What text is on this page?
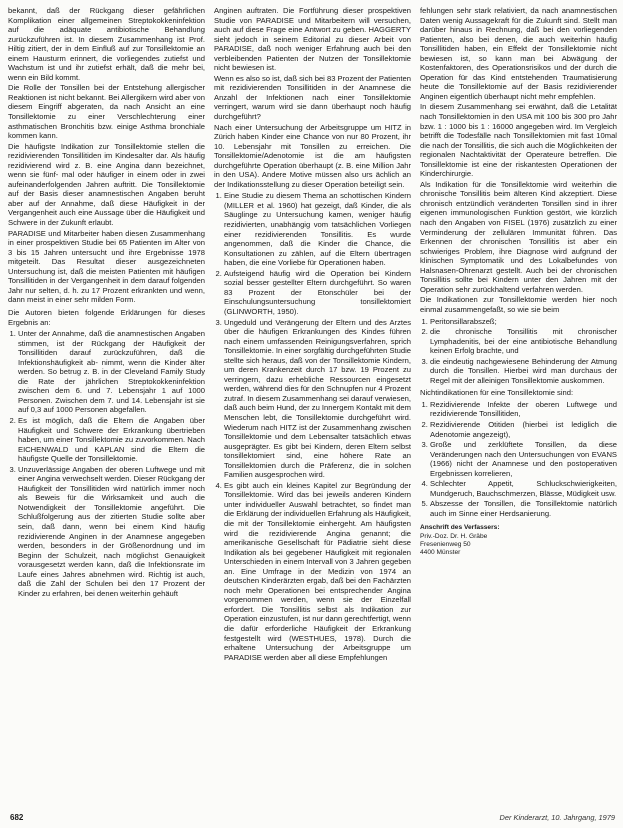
bekannt, daß der Rückgang dieser gefährlichen Komplikation einer allgemeinen Streptokokkeninfektion auf die adäquate antibiotische Behandlung zurückzuführen ist. In diesem Zusammenhang ist Prof. Hiltig zitiert, der in dem Einfluß auf zur Tonsillektomie an einem Hausturm erinnert, die vorliegendes zutiefst und Wachstum ist und ihr zutiefst erhält, daß die mehr bei, wenn ein Bild kommt.

Die Rolle der Tonsillen bei der Entstehung allergischer Reaktionen ist nicht bekannt. Bei Allergikern wird aber von diesem Eingriff abgeraten, da nach Ansicht an eine Tonsillektomie zu einer Verschlechterung einer asthmatischen Bronchitis bzw. einige Asthma bronchiale kommen kann.

Die häufigste Indikation zur Tonsillektomie stellen die rezidivierenden Tonsillitiden im Kindesalter dar. Als häufig rezidivierend wird z. B. eine Angina dann bezeichnet, wenn sie fünf- mal oder häufiger in einem oder in zwei aufeinanderfolgenden Jahren auftritt. Die Tonsillektomie auf der Basis dieser anamnestischen Angaben beruht aber auf der Annahme, daß diese Häufigkeit in der Vergangenheit auch eine Aussage über die Häufigkeit und Schwere in der Zukunft erlaubt.

PARADISE und Mitarbeiter haben diesen Zusammenhang in einer prospektiven Studie bei 65 Patienten im Alter von 3 bis 15 Jahren untersucht und ihre Ergebnisse 1978 mitgeteilt. Das Resultat dieser ausgezeichneten Untersuchung ist, daß die meisten Patienten mit häufigen Tonsillitiden in der Vergangenheit in dem darauf folgenden Jahr nur selten, d. h. zu 17 Prozent erkrankten und wenn, dann meist in einer sehr milden Form.

Die Autoren bieten folgende Erklärungen für dieses Ergebnis an:

1. Unter der Annahme, daß die anamnestischen Angaben stimmen, ist der Rückgang der Häufigkeit der Tonsillitiden darauf zurückzuführen, daß die Infektionshäufigkeit ab- nimmt, wenn die Kinder älter werden. So betrug z. B. in der Cleveland Family Study die Rate der jährlichen Streptokokkeninfektion zwischen dem 6. und 7. Lebensjahr 1 auf 1000 Personen. Zwischen dem 7. und 14. Lebensjahr ist sie auf 0,3 auf 1000 Personen abgefallen.
2. Es ist möglich, daß die Eltern die Angaben über Häufigkeit und Schwere der Erkrankung übertrieben haben, um einer Tonsillektomie zu zuvorkommen. Nach EICHENWALD und KAPLAN sind die Eltern die häufigste Quelle der Tonsillektomie.
3. Unzuverlässige Angaben der oberen Luftwege und mit einer Angina verwechselt werden. Dieser Rückgang der Häufigkeit der Tonsillitiden wird natürlich immer noch als Beweis für die Wirksamkeit und auch die Notwendigkeit der Tonsillektomie angeführt. Die Schlußfolgerung aus der zitierten Studie sollte aber sein, daß dann, wenn bei einem Kind häufig rezidivierende Anginen in der Anamnese angegeben werden, besonders in der Größenordnung und im Beginn der Schulzeit, nach möglichst Genauigkeit vorausgesetzt werden kann, daß die Infektionsrate im Laufe eines Jahres abnehmen wird. Richtig ist auch, daß die Zahl der Schulen bei den 17 Prozent der Kinder zu erfahren, bei denen weiterhin gehäuft

Anginen auftraten. Die Fortführung dieser prospektiven Studie von PARADISE und Mitarbeitern will versuchen, auch auf diese Frage eine Antwort zu geben. HAGGERTY sieht jedoch in seinem Editorial zu dieser Arbeit von PARADISE, daß noch weniger Erfahrung auch bei den verbleibenden Patienten der Nutzen der Tonsillektomie nicht bewiesen ist.

Wenn es also so ist, daß sich bei 83 Prozent der Patienten mit rezidivierenden Tonsillitiden in der Anamnese die Anzahl der Infektionen nach einer Tonsillektomie verringert, warum wird sie dann überhaupt noch häufig durchgeführt?

Nach einer Untersuchung der Arbeitsgruppe um HITZ in Zürich haben Kinder eine Chance von nur 80 Prozent, ihr 10. Lebensjahr mit Tonsillen zu erreichen. Die Tonsillektomie/Adenotomie ist die am häufigsten durchgeführte Operation überhaupt (z. B. eine Million Jahr in den USA). Andere Motive müssen also urs ächlich an der Indikationsstellung zu dieser Operation beteiligt sein.

1. Eine Studie zu diesem Thema an schottischen Kindern (MILLER et al. 1960) hat gezeigt, daß Kinder, die als Säuglinge zu Untersuchung kamen, weniger häufig rezidivierten, unabhängig vom tatsächlichen Vorliegen einer rezidivierenden Tonsillitis. Es wurde angenommen, daß die Kinder die Chance, die Konsultationen zu zählen, auf die Eltern übertragen haben, die eine Vorliebe für Operationen haben.
2. Aufsteigend häufig wird die Operation bei Kindern sozial besser gestellter Eltern durchgeführt. So waren 83 Prozent der Etonschüler bei der Einschulungsuntersuchung tonsillektomiert (GLINWORTH, 1950).
3. Ungeduld und Verängerung der Eltern und des Arztes über die häufigen Erkrankungen des Kindes führen nach einem umfassenden Reinigungsverfahren, sprich Tonsillektomie. In einer sorgfältig durchgeführten Studie stellte sich heraus, daß von der Tonsillektomie Kindern, um deren Krankenzeit durch 17 bzw. 19 Prozent zu verringern, dazu erhebliche Ressourcen eingesetzt werden, während dies für den Schnupfen nur 4 Prozent zutraf. In diesem Zusammenhang sei darauf verwiesen, daß auch beim Hund, der zu Innergem Kontakt mit dem Menschen lebt, die Tonsillektomie durchgeführt wird. Wiederum nach HITZ ist der Zusammenhang zwischen Tonsillektomie und dem Lebensalter tatsächlich etwas ausgeprägter. Es gibt bei Kindern, deren Eltern selbst tonsillektomiert sind, eine höhere Rate an Tonsillektomien durch die Präferenz, die in solchen Familien ausgesprochen wird.
4. Es gibt auch ein kleines Kapitel zur Begründung der Tonsillektomie. Wird das bei jeweils anderen Kindern unter individueller Auswahl betrachtet, so findet man die Erklärung der individuellen Erfahrung als Häufigkeit, die mit der Tonsillektomie einhergeht. Am häufigsten wird die rezidivierende Angina genannt; die amerikanische Gesellschaft für Pädiatrie sieht diese Indikation als bei gegebener Häufigkeit mit regionalen Unterschieden in einem Intervall von 3 Jahren gegeben an. Eine Umfrage in der Medizin von 1974 an deutschen Kinderärzten ergab, daß bei den Fachärzten noch mehr Operationen bei entsprechender Angina vorgenommen werden, wenn sie der Einzelfall erfordert. Die Tonsillitis selbst als Indikation zur Operation einzustufen, ist nur dann gerechtfertigt, wenn die dafür erforderliche Häufigkeit der Erkrankung festgestellt wird (WESTHUES, 1978). Durch die erhaltene Untersuchung der Arbeitsgruppe um PARADISE werden aber all diese Empfehlungen

fehlungen sehr stark relativiert, da nach anamnestischen Daten wenig Aussagekraft für die Zukunft sind. Stellt man darüber hinaus in Rechnung, daß bei den vorliegenden Patienten, also bei denen, die auch weiterhin häufig Tonsillitiden haben, ein Effekt der Tonsillektomie nicht bewiesen ist, so kann man bei Abwägung der Kostenfaktoren, des Operationsrisikos und der durch die Operation für das Kind entstehenden Traumatisierung heute die Tonsillektomie auf der Basis rezidivierender Anginen eigentlich überhaupt nicht mehr empfehlen.

In diesem Zusammenhang sei erwähnt, daß die Letalität nach Tonsillektomien in den USA mit 100 bis 300 pro Jahr bzw. 1 : 1000 bis 1 : 16000 angegeben wird. Im Vergleich betrifft die Todesfälle nach Tonsillektomien mit fast 10mal die nach der Tonsillitis, die sich auch die Möglichkeiten der regionalen Nachtaktivität der Operateure betreffen. Die Tonsillektomie ist eine der riskantesten Operationen der Kinderchirurgie.

Als Indikation für die Tonsillektomie wird weiterhin die chronische Tonsillitis beim älteren Kind akzeptiert. Diese chronisch entzündlich veränderten Tonsillen sind in ihrer eigenen immunologischen Funktion gestört, wie kürzlich nach den Angaben von FISEL (1976) zusätzlich zu einer Verminderung der zellulären Immunität führen. Das Erkennen der chronischen Tonsillitis ist aber ein schwieriges Problem, ihre Diagnose wird aufgrund der klinischen Symptomatik und des Lokalbefundes von Halsnasen-Ohrenarzt gestellt. Auch bei der chronischen Tonsillitis sollte bei Kindern unter den Jahren mit der Operation sehr zurückhaltend verfahren werden.

Die Indikationen zur Tonsillektomie werden hier noch einmal zusammengefaßt, so wie sie beim

1. Peritonsillarabszeß;
2. die chronische Tonsillitis mit chronischer Lymphadenitis, bei der eine antibiotische Behandlung keinen Erfolg brachte, und
3. die eindeutig nachgewiesene Behinderung der Atmung durch die Tonsillen. Hierbei wird man durchaus der Regel mit der alleinigen Tonsillektomie auskommen.

Nichtindikationen für eine Tonsillektomie sind:

1. Rezidivierende Infekte der oberen Luftwege und rezidivierende Tonsillitiden,
2. Rezidivierende Otitiden (hierbei ist lediglich die Adenotomie angezeigt),
3. Große und zerklüftete Tonsillen, da diese Veränderungen nach den Untersuchungen von EVANS (1966) nicht der Anamnese und den postoperativen Ergebnissen korrelieren,
4. Schlechter Appetit, Schluckschwierigkeiten, Mundgeruch, Bauchschmerzen, Blässe, Müdigkeit usw.
5. Abszesse der Tonsillen, die Tonsillektomie natürlich auch im Sinne einer Herdsanierung.
Anschrift des Verfassers:
Priv.-Doz. Dr. H. Gräbe
Fresenienweg 50
4400 Münster
682	Der Kinderarzt, 10. Jahrgang, 1979
